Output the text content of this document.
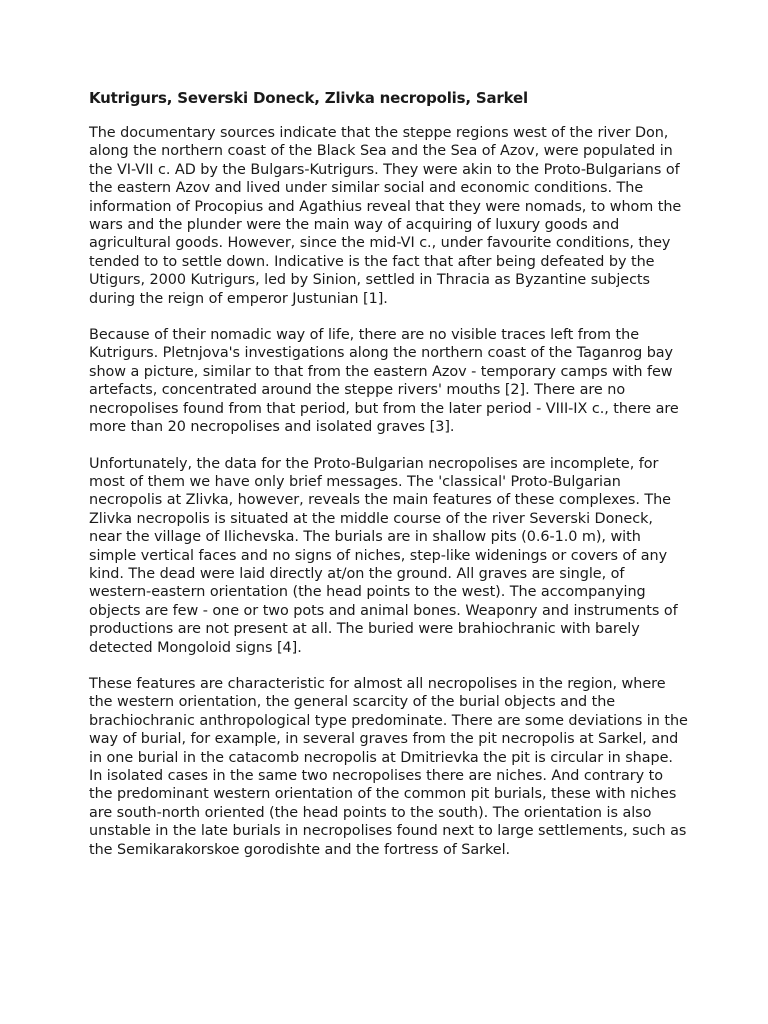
Kutrigurs, Severski Doneck, Zlivka necropolis, Sarkel

The documentary sources indicate that the steppe regions west of the river Don, along the northern coast of the Black Sea and the Sea of Azov, were populated in the VI-VII c. AD by the Bulgars-Kutrigurs. They were akin to the Proto-Bulgarians of the eastern Azov and lived under similar social and economic conditions. The information of Procopius and Agathius reveal that they were nomads, to whom the wars and the plunder were the main way of acquiring of luxury goods and agricultural goods. However, since the mid-VI c., under favourite conditions, they tended to to settle down. Indicative is the fact that after being defeated by the Utigurs, 2000 Kutrigurs, led by Sinion, settled in Thracia as Byzantine subjects during the reign of emperor Justunian [1].

Because of their nomadic way of life, there are no visible traces left from the Kutrigurs. Pletnjova's investigations along the northern coast of the Taganrog bay show a picture, similar to that from the eastern Azov - temporary camps with few artefacts, concentrated around the steppe rivers' mouths [2]. There are no necropolises found from that period, but from the later period - VIII-IX c., there are more than 20 necropolises and isolated graves [3].

Unfortunately, the data for the Proto-Bulgarian necropolises are incomplete, for most of them we have only brief messages. The 'classical' Proto-Bulgarian necropolis at Zlivka, however, reveals the main features of these complexes. The Zlivka necropolis is situated at the middle course of the river Severski Doneck, near the village of Ilichevska. The burials are in shallow pits (0.6-1.0 m), with simple vertical faces and no signs of niches, step-like widenings or covers of any kind. The dead were laid directly at/on the ground. All graves are single, of western-eastern orientation (the head points to the west). The accompanying objects are few - one or two pots and animal bones. Weaponry and instruments of productions are not present at all. The buried were brahiochranic with barely detected Mongoloid signs [4].

These features are characteristic for almost all necropolises in the region, where the western orientation, the general scarcity of the burial objects and the brachiochranic anthropological type predominate. There are some deviations in the way of burial, for example, in several graves from the pit necropolis at Sarkel, and in one burial in the catacomb necropolis at Dmitrievka the pit is circular in shape. In isolated cases in the same two necropolises there are niches. And contrary to the predominant western orientation of the common pit burials, these with niches are south-north oriented (the head points to the south). The orientation is also unstable in the late burials in necropolises found next to large settlements, such as the Semikarakorskoe gorodishte and the fortress of Sarkel.
